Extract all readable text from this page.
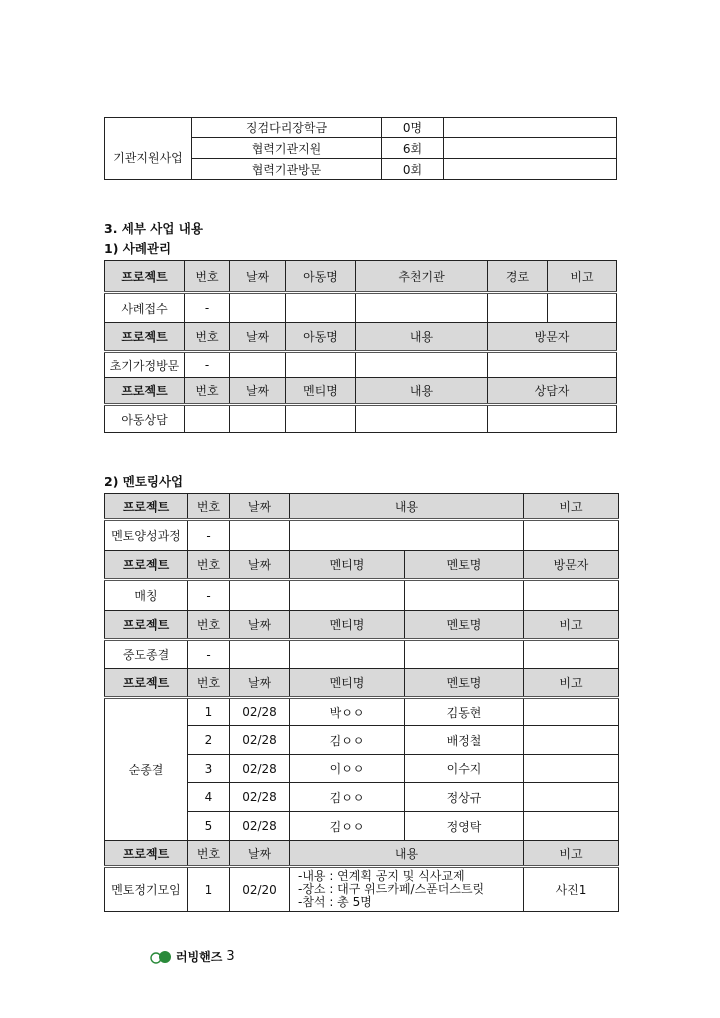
기관지원사업	징검다리장학금	0명	
	협력기관지원	6회	
	협력기관방문	0회	
3. 세부 사업 내용
1) 사례관리
프로젝트	번호	날짜	아동명	추천기관	경로	비고
사례접수	-					
프로젝트	번호	날짜	아동명	내용	방문자	
초기가정방문	-					
프로젝트	번호	날짜	멘티명	내용	상담자	
아동상담						
2) 멘토링사업
프로젝트	번호	날짜	내용		비고
멘토양성과정	-				
프로젝트	번호	날짜	멘티명	멘토명	방문자
매칭	-				
프로젝트	번호	날짜	멘티명	멘토명	비고
중도종결	-				
프로젝트	번호	날짜	멘티명	멘토명	비고
순종결	1	02/28	박ㅇㅇ	김동현	
	2	02/28	김ㅇㅇ	배정철	
	3	02/28	이ㅇㅇ	이수지	
	4	02/28	김ㅇㅇ	정상규	
	5	02/28	김ㅇㅇ	정영탁	
프로젝트	번호	날짜	내용		비고
멘토정기모임	1	02/20	-내용 : 연계획 공지 및 식사교제
-장소 : 대구 위드카페/스푼더스트릿
-참석 : 총 5명		사진1
러빙핸즈 3
